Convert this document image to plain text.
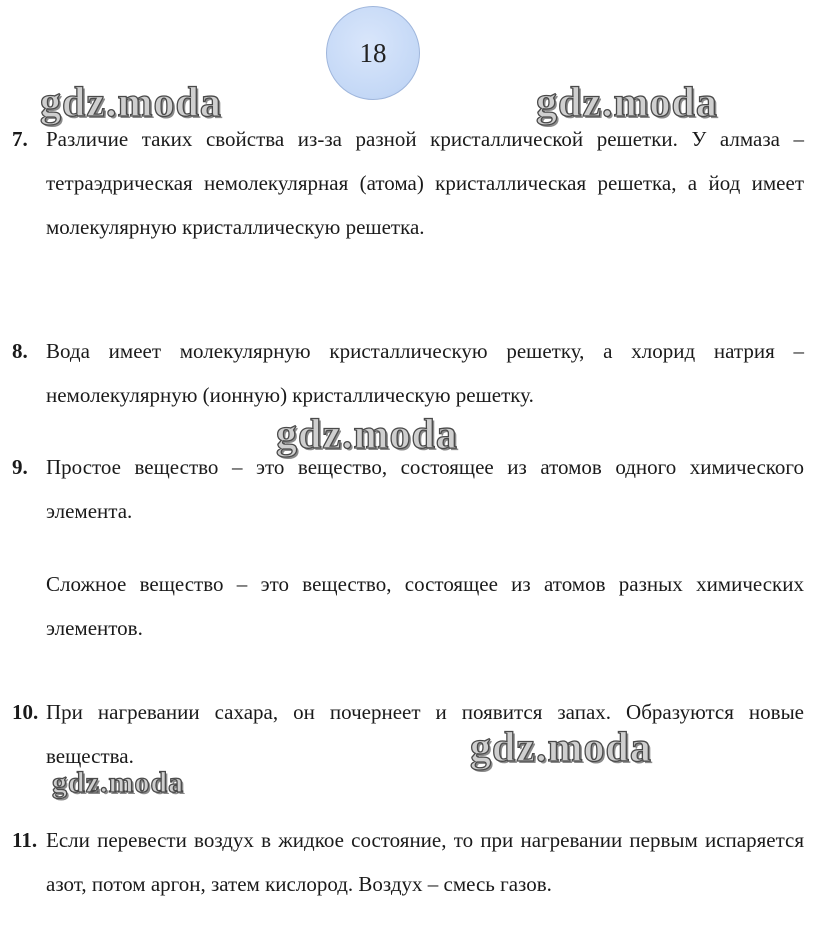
18
gdz.moda	gdz.moda
gdz.moda
gdz.moda
gdz.moda
7. Различие таких свойства из-за разной кристаллической решетки. У алмаза – тетраэдрическая немолекулярная (атома) кристаллическая решетка, а йод имеет молекулярную кристаллическую решетка.

8. Вода имеет молекулярную кристаллическую решетку, а хлорид натрия – немолекулярную (ионную) кристаллическую решетку.

9. Простое вещество – это вещество, состоящее из атомов одного химического элемента.

Сложное вещество – это вещество, состоящее из атомов разных химических элементов.

10. При нагревании сахара, он почернеет и появится запах. Образуются новые вещества.

11. Если перевести воздух в жидкое состояние, то при нагревании первым испаряется азот, потом аргон, затем кислород. Воздух – смесь газов.
